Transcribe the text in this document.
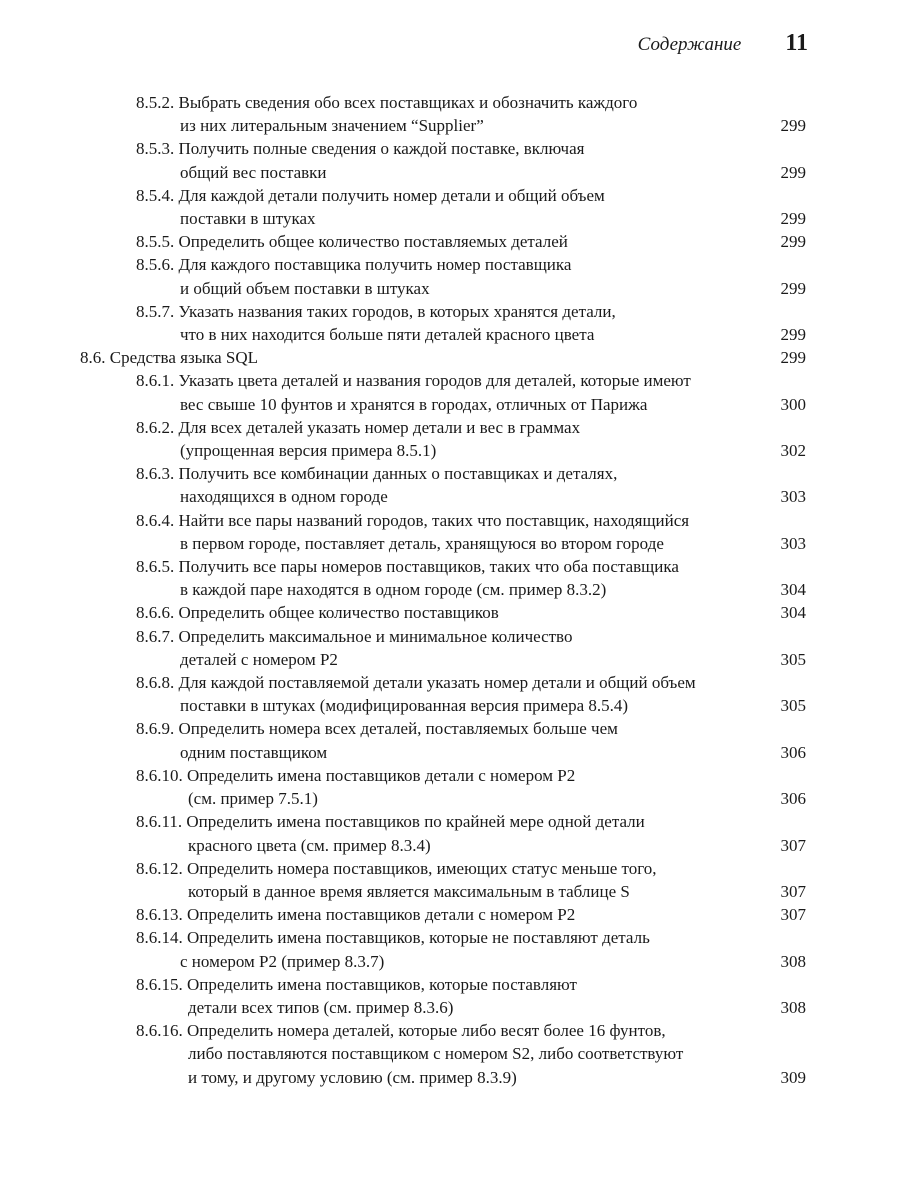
Содержание 11
8.5.2. Выбрать сведения обо всех поставщиках и обозначить каждого
из них литеральным значением “Supplier”	299
8.5.3. Получить полные сведения о каждой поставке, включая
общий вес поставки	299
8.5.4. Для каждой детали получить номер детали и общий объем
поставки в штуках	299
8.5.5. Определить общее количество поставляемых деталей	299
8.5.6. Для каждого поставщика получить номер поставщика
и общий объем поставки в штуках	299
8.5.7. Указать названия таких городов, в которых хранятся детали,
что в них находится больше пяти деталей красного цвета	299
8.6. Средства языка SQL	299
8.6.1. Указать цвета деталей и названия городов для деталей, которые имеют
вес свыше 10 фунтов и хранятся в городах, отличных от Парижа	300
8.6.2. Для всех деталей указать номер детали и вес в граммах
(упрощенная версия примера 8.5.1)	302
8.6.3. Получить все комбинации данных о поставщиках и деталях,
находящихся в одном городе	303
8.6.4. Найти все пары названий городов, таких что поставщик, находящийся
в первом городе, поставляет деталь, хранящуюся во втором городе	303
8.6.5. Получить все пары номеров поставщиков, таких что оба поставщика
в каждой паре находятся в одном городе (см. пример 8.3.2)	304
8.6.6. Определить общее количество поставщиков	304
8.6.7. Определить максимальное и минимальное количество
деталей с номером Р2	305
8.6.8. Для каждой поставляемой детали указать номер детали и общий объем
поставки в штуках (модифицированная версия примера 8.5.4)	305
8.6.9. Определить номера всех деталей, поставляемых больше чем
одним поставщиком	306
8.6.10. Определить имена поставщиков детали с номером Р2
(см. пример 7.5.1)	306
8.6.11. Определить имена поставщиков по крайней мере одной детали
красного цвета (см. пример 8.3.4)	307
8.6.12. Определить номера поставщиков, имеющих статус меньше того,
который в данное время является максимальным в таблице S	307
8.6.13. Определить имена поставщиков детали с номером Р2	307
8.6.14. Определить имена поставщиков, которые не поставляют деталь
с номером Р2 (пример 8.3.7)	308
8.6.15. Определить имена поставщиков, которые поставляют
детали всех типов (см. пример 8.3.6)	308
8.6.16. Определить номера деталей, которые либо весят более 16 фунтов,
либо поставляются поставщиком с номером S2, либо соответствуют
и тому, и другому условию (см. пример 8.3.9)	309
